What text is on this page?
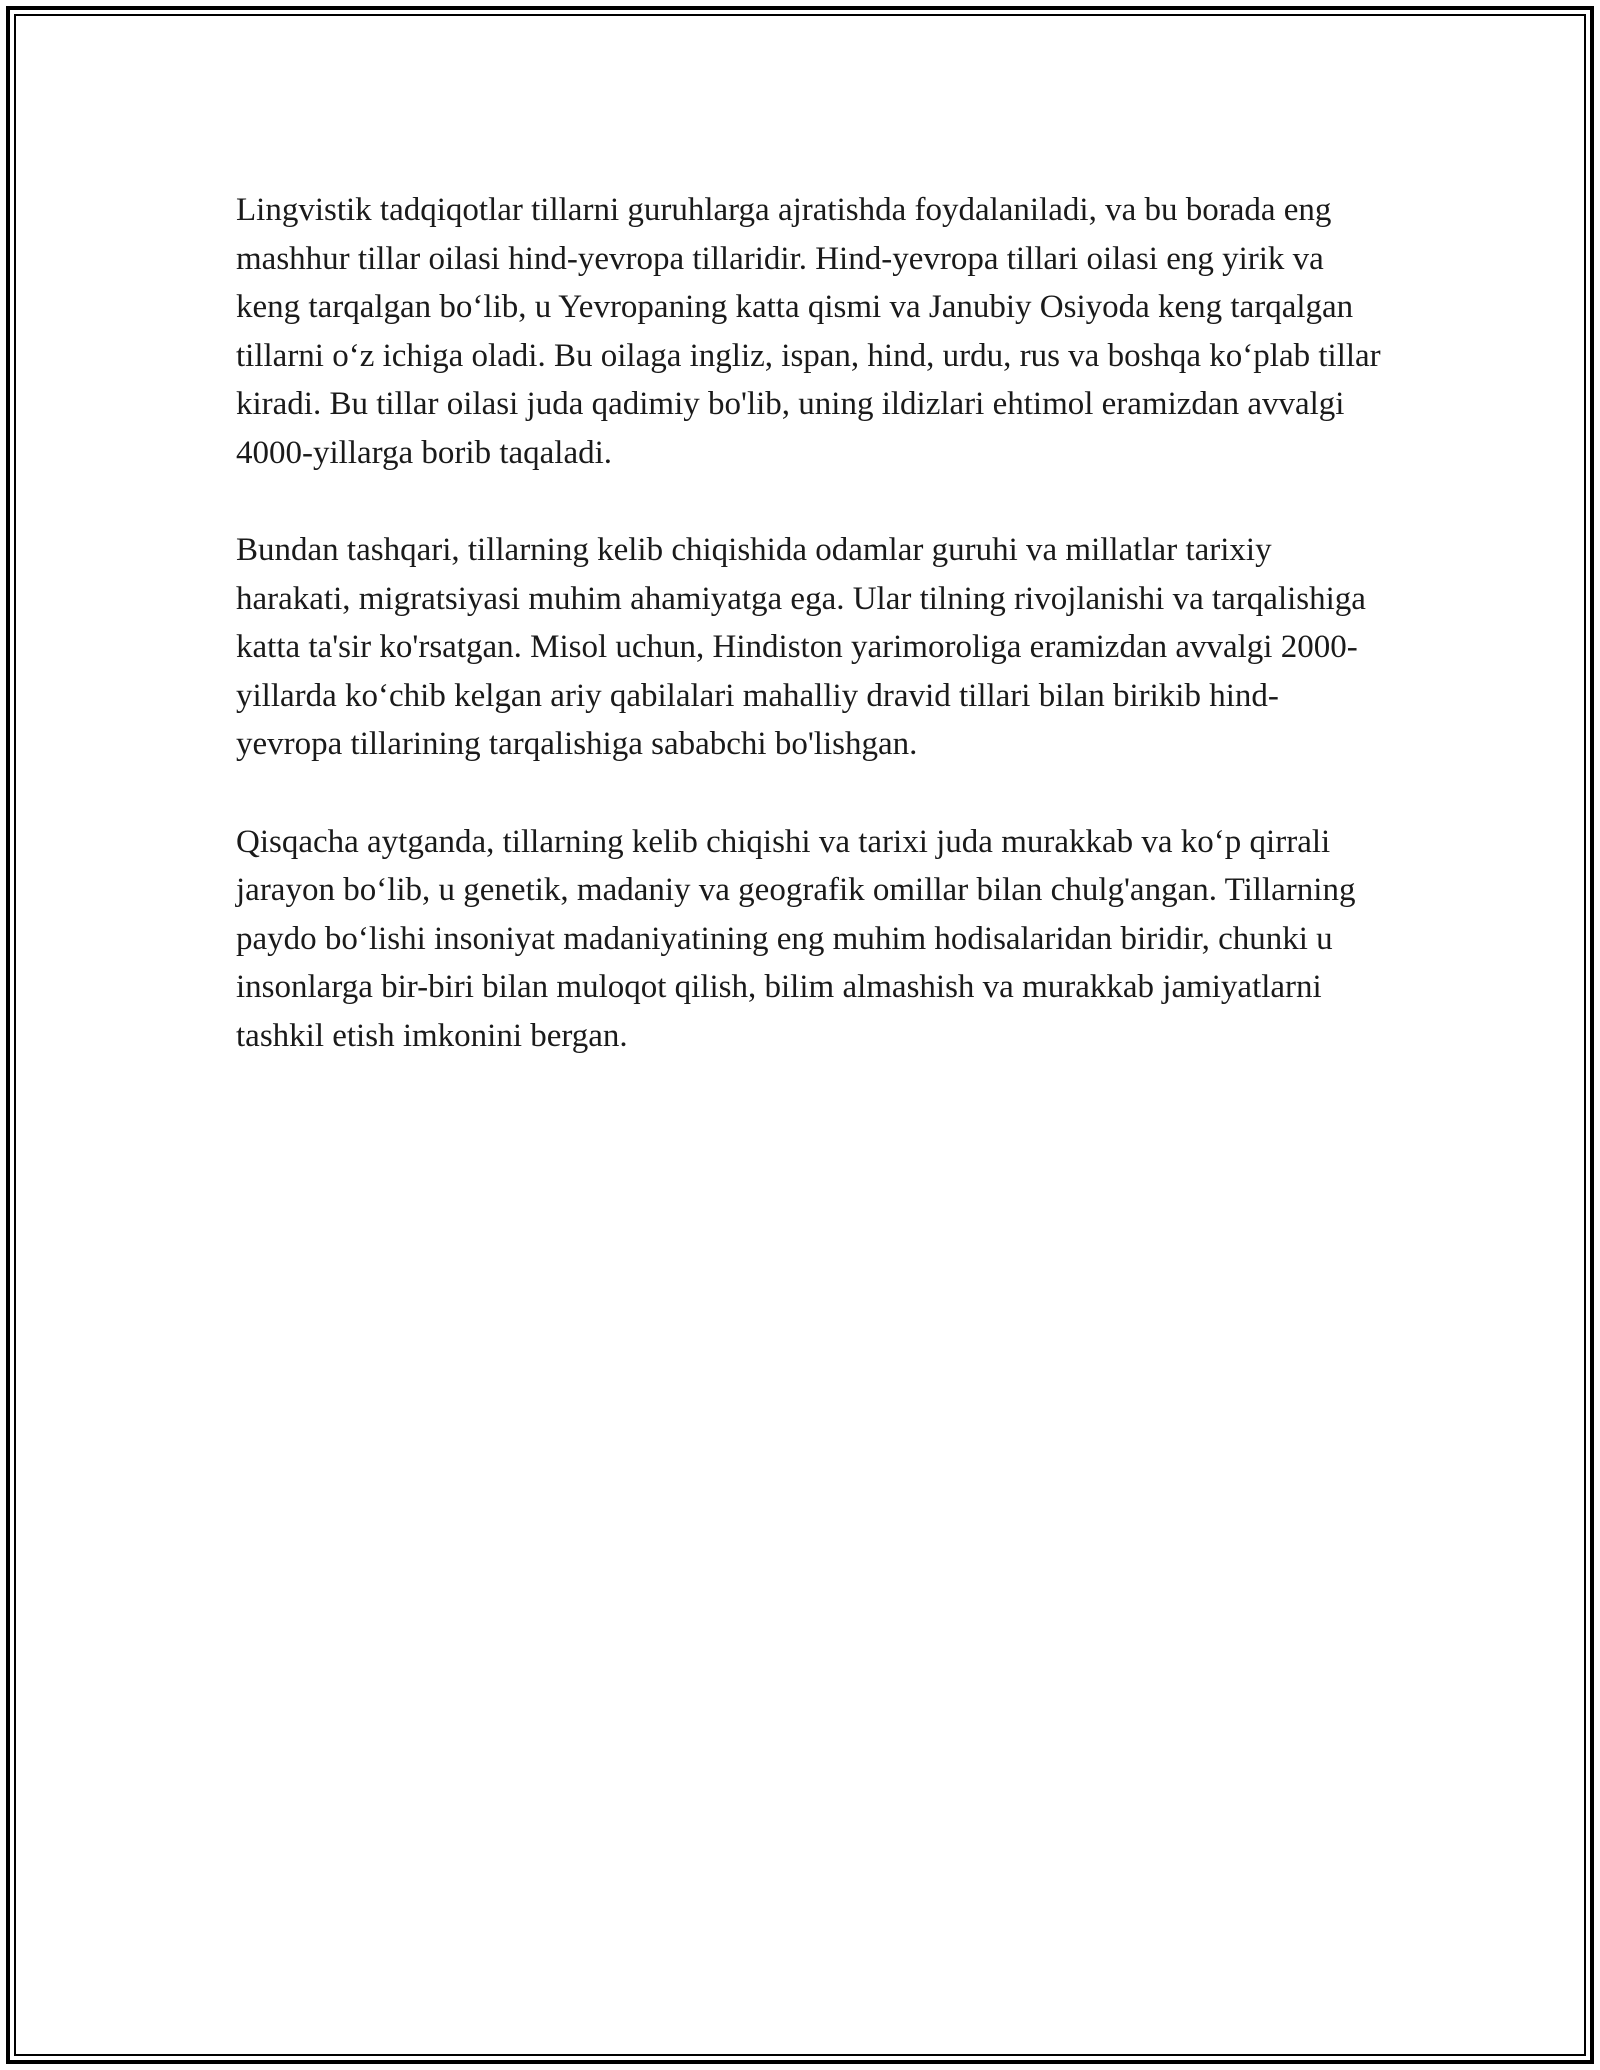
Lingvistik tadqiqotlar tillarni guruhlarga ajratishda foydalaniladi, va bu borada eng mashhur tillar oilasi hind-yevropa tillaridir. Hind-yevropa tillari oilasi eng yirik va keng tarqalgan bo‘lib, u Yevropaning katta qismi va Janubiy Osiyoda keng tarqalgan tillarni o‘z ichiga oladi. Bu oilaga ingliz, ispan, hind, urdu, rus va boshqa ko‘plab tillar kiradi. Bu tillar oilasi juda qadimiy bo'lib, uning ildizlari ehtimol eramizdan avvalgi 4000-yillarga borib taqaladi.

Bundan tashqari, tillarning kelib chiqishida odamlar guruhi va millatlar tarixiy harakati, migratsiyasi muhim ahamiyatga ega. Ular tilning rivojlanishi va tarqalishiga katta ta'sir ko'rsatgan. Misol uchun, Hindiston yarimoroliga eramizdan avvalgi 2000-yillarda ko‘chib kelgan ariy qabilalari mahalliy dravid tillari bilan birikib hind-yevropa tillarining tarqalishiga sababchi bo'lishgan.

Qisqacha aytganda, tillarning kelib chiqishi va tarixi juda murakkab va ko‘p qirrali jarayon bo‘lib, u genetik, madaniy va geografik omillar bilan chulg'angan. Tillarning paydo bo‘lishi insoniyat madaniyatining eng muhim hodisalaridan biridir, chunki u insonlarga bir-biri bilan muloqot qilish, bilim almashish va murakkab jamiyatlarni tashkil etish imkonini bergan.
